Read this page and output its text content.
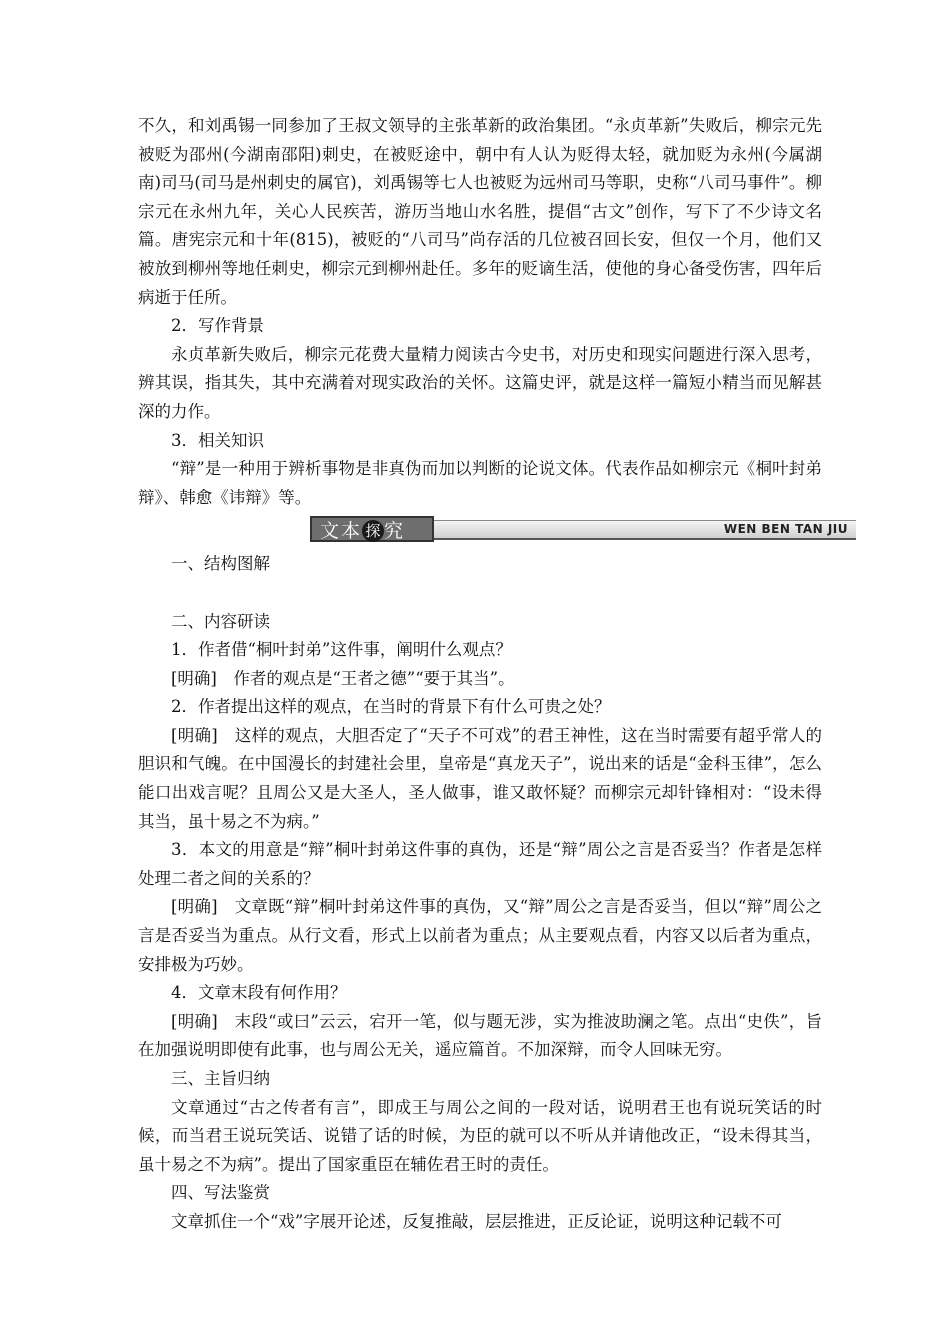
不久，和刘禹锡一同参加了王叔文领导的主张革新的政治集团。“永贞革新”失败后，柳宗元先被贬为邵州(今湖南邵阳)刺史，在被贬途中，朝中有人认为贬得太轻，就加贬为永州(今属湖南)司马(司马是州刺史的属官)，刘禹锡等七人也被贬为远州司马等职，史称“八司马事件”。柳宗元在永州九年，关心人民疾苦，游历当地山水名胜，提倡“古文”创作，写下了不少诗文名篇。唐宪宗元和十年(815)，被贬的“八司马”尚存活的几位被召回长安，但仅一个月，他们又被放到柳州等地任刺史，柳宗元到柳州赴任。多年的贬谪生活，使他的身心备受伤害，四年后病逝于任所。

2．写作背景

永贞革新失败后，柳宗元花费大量精力阅读古今史书，对历史和现实问题进行深入思考，辨其误，指其失，其中充满着对现实政治的关怀。这篇史评，就是这样一篇短小精当而见解甚深的力作。

3．相关知识

“辩”是一种用于辨析事物是非真伪而加以判断的论说文体。代表作品如柳宗元《桐叶封弟辩》、韩愈《讳辩》等。

WEN BEN TAN JIU
文本 探 究

一、结构图解

二、内容研读

1．作者借“桐叶封弟”这件事，阐明什么观点？

[明确]　作者的观点是“王者之德”“要于其当”。

2．作者提出这样的观点，在当时的背景下有什么可贵之处？

[明确]　这样的观点，大胆否定了“天子不可戏”的君王神性，这在当时需要有超乎常人的胆识和气魄。在中国漫长的封建社会里，皇帝是“真龙天子”，说出来的话是“金科玉律”，怎么能口出戏言呢？且周公又是大圣人，圣人做事，谁又敢怀疑？而柳宗元却针锋相对：“设未得其当，虽十易之不为病。”

3．本文的用意是“辩”桐叶封弟这件事的真伪，还是“辩”周公之言是否妥当？作者是怎样处理二者之间的关系的？

[明确]　文章既“辩”桐叶封弟这件事的真伪，又“辩”周公之言是否妥当，但以“辩”周公之言是否妥当为重点。从行文看，形式上以前者为重点；从主要观点看，内容又以后者为重点，安排极为巧妙。

4．文章末段有何作用？

[明确]　末段“或曰”云云，宕开一笔，似与题无涉，实为推波助澜之笔。点出“史佚”，旨在加强说明即使有此事，也与周公无关，遥应篇首。不加深辩，而令人回味无穷。

三、主旨归纳

文章通过“古之传者有言”，即成王与周公之间的一段对话，说明君王也有说玩笑话的时候，而当君王说玩笑话、说错了话的时候，为臣的就可以不听从并请他改正，“设未得其当，虽十易之不为病”。提出了国家重臣在辅佐君王时的责任。

四、写法鉴赏

文章抓住一个“戏”字展开论述，反复推敲，层层推进，正反论证，说明这种记载不可
